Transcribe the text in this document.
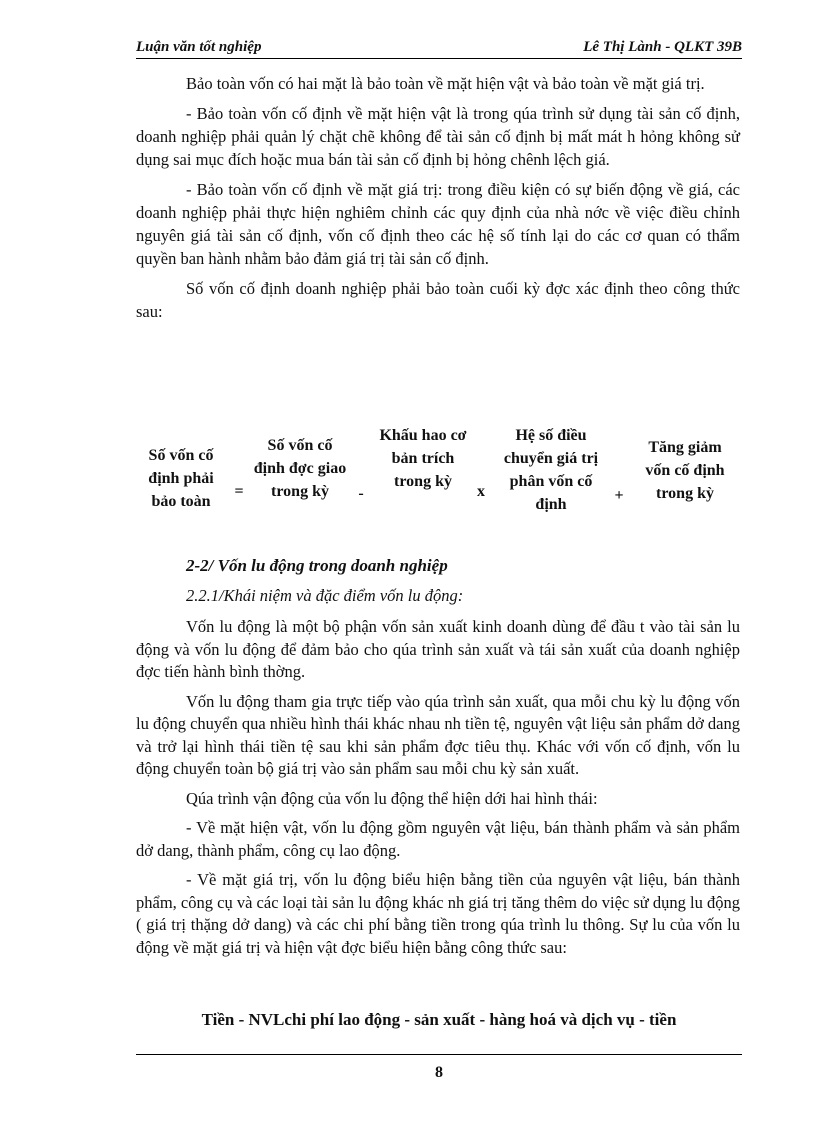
Luận văn tốt nghiệp	Lê Thị Lành - QLKT 39B

Bảo toàn vốn có hai mặt là bảo toàn về mặt hiện vật và bảo toàn về mặt giá trị.

- Bảo toàn vốn cố định về mặt hiện vật là trong qúa trình sử dụng tài sản cố định, doanh nghiệp phải quản lý chặt chẽ không để tài sản cố định bị mất mát h hỏng không sử dụng sai mục đích hoặc mua bán tài sản cố định bị hỏng chênh lệch giá.

- Bảo toàn vốn cố định về mặt giá trị: trong điều kiện có sự biến động về giá, các doanh nghiệp phải thực hiện nghiêm chỉnh các quy định của nhà nớc về việc điều chỉnh nguyên giá tài sản cố định, vốn cố định theo các hệ số tính lại do các cơ quan có thẩm quyền ban hành nhằm bảo đảm giá trị tài sản cố định.

Số vốn cố định doanh nghiệp phải bảo toàn cuối kỳ đợc xác định theo công thức sau:

Số vốn cố định phải bảo toàn
=
Số vốn cố định đợc giao trong kỳ	-
Khấu hao cơ bản trích trong kỳ
x
Hệ số điều chuyển giá trị phân vốn cố định
+
Tăng giảm vốn cố định trong kỳ
2-2/ Vốn lu động trong doanh nghiệp
2.2.1/Khái niệm và đặc điểm vốn lu động:

Vốn lu động là một bộ phận vốn sản xuất kinh doanh dùng để đầu t vào tài sản lu động và vốn lu động để đảm bảo cho qúa trình sản xuất và tái sản xuất của doanh nghiệp đợc tiến hành bình thờng.

Vốn lu động tham gia trực tiếp vào qúa trình sản xuất, qua mỗi chu kỳ lu động vốn lu động chuyển qua nhiều hình thái khác nhau nh tiền tệ, nguyên vật liệu sản phẩm dở dang và trở lại hình thái tiền tệ sau khi sản phẩm đợc tiêu thụ. Khác với vốn cố định, vốn lu động chuyển toàn bộ giá trị vào sản phẩm sau mỗi chu kỳ sản xuất.

Qúa trình vận động của vốn lu động thể hiện dới hai hình thái:

- Về mặt hiện vật, vốn lu động gồm nguyên vật liệu, bán thành phẩm và sản phẩm dở dang, thành phẩm, công cụ lao động.

- Về mặt giá trị, vốn lu động biểu hiện bằng tiền của nguyên vật liệu, bán thành phẩm, công cụ và các loại tài sản lu động khác nh giá trị tăng thêm do việc sử dụng lu động ( giá trị thặng dở dang) và các chi phí bằng tiền trong qúa trình lu thông. Sự lu của vốn lu động về mặt giá trị và hiện vật đợc biểu hiện bằng công thức sau:

Tiền - NVLchi phí lao động - sản xuất - hàng hoá và dịch vụ - tiền
8
